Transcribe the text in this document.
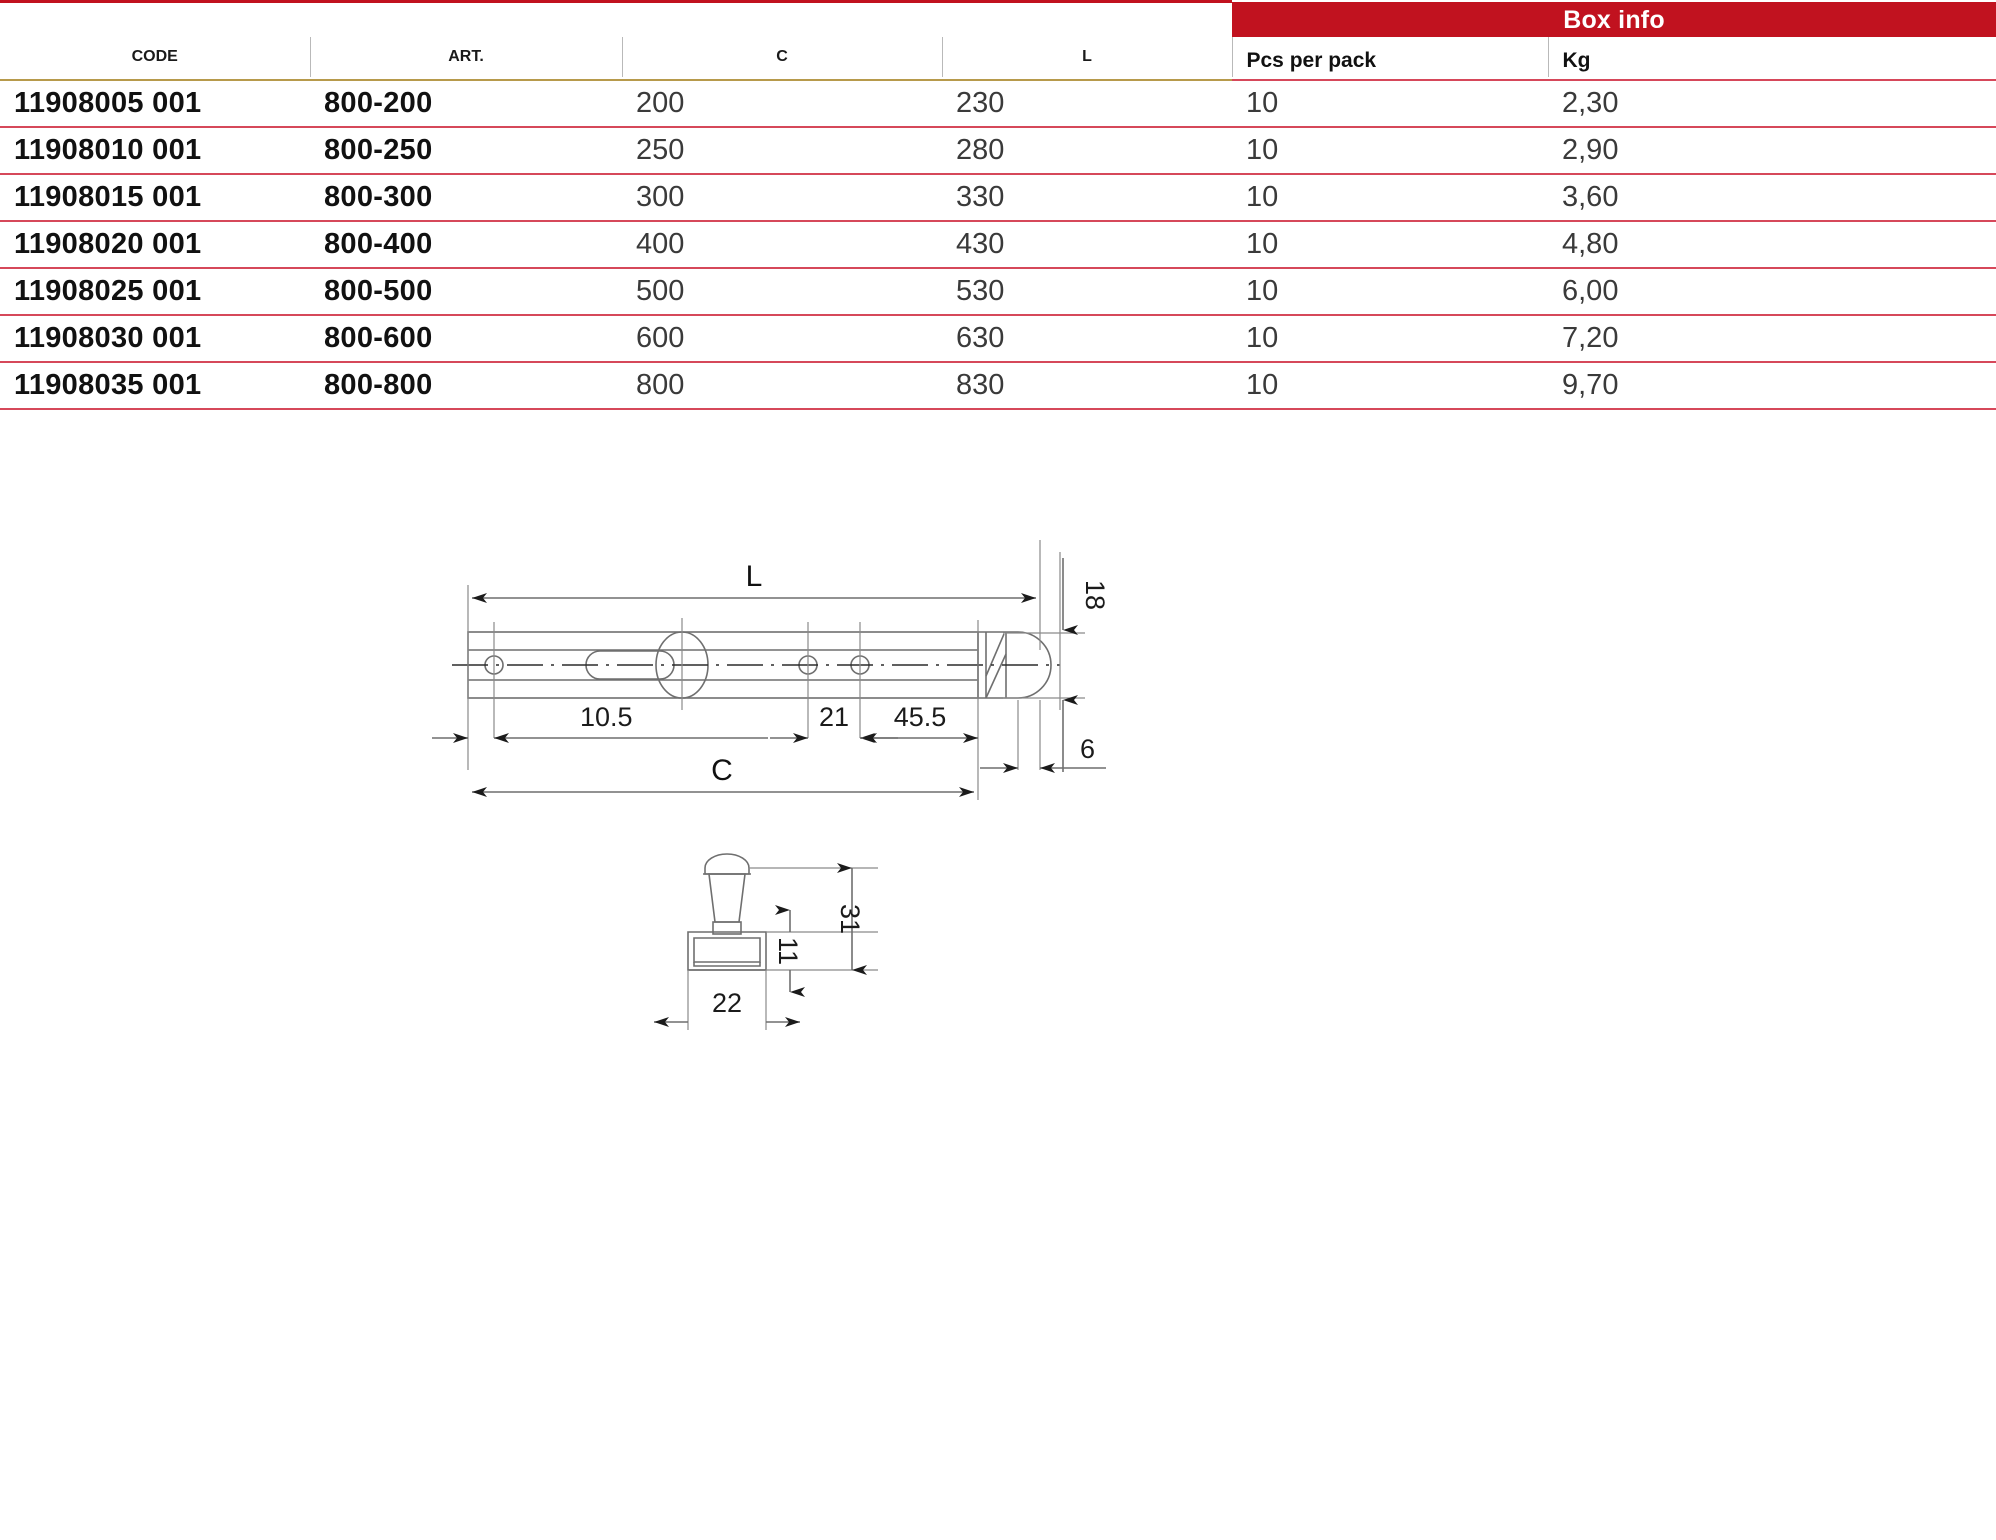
				Box info	
CODE	ART.	C	L		
				Pcs per pack	Kg

11908005 001	800-200	200	230	10	2,30
11908010 001	800-250	250	280	10	2,90
11908015 001	800-300	300	330	10	3,60
11908020 001	800-400	400	430	10	4,80
11908025 001	800-500	500	530	10	6,00
11908030 001	800-600	600	630	10	7,20
11908035 001	800-800	800	830	10	9,70
L
18
10.5	21 45.5
6
C
31
11
22
